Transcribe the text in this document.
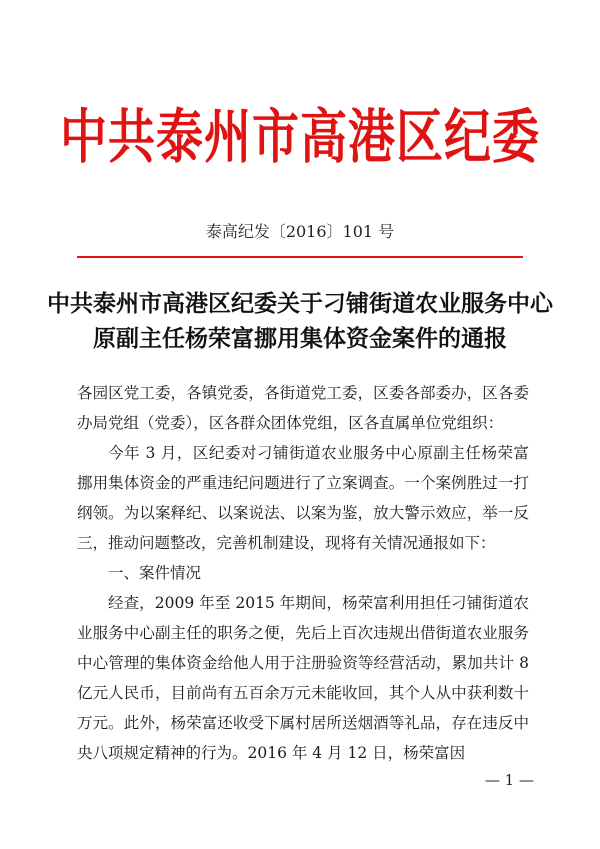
中共泰州市高港区纪委
泰高纪发〔2016〕101 号
中共泰州市高港区纪委关于刁铺街道农业服务中心
原副主任杨荣富挪用集体资金案件的通报
各园区党工委，各镇党委，各街道党工委，区委各部委办，区各委办局党组（党委），区各群众团体党组，区各直属单位党组织：
今年 3 月，区纪委对刁铺街道农业服务中心原副主任杨荣富挪用集体资金的严重违纪问题进行了立案调查。一个案例胜过一打纲领。为以案释纪、以案说法、以案为鉴，放大警示效应，举一反三，推动问题整改，完善机制建设，现将有关情况通报如下：
一、案件情况
经查，2009 年至 2015 年期间，杨荣富利用担任刁铺街道农业服务中心副主任的职务之便，先后上百次违规出借街道农业服务中心管理的集体资金给他人用于注册验资等经营活动，累加共计 8 亿元人民币，目前尚有五百余万元未能收回，其个人从中获利数十万元。此外，杨荣富还收受下属村居所送烟酒等礼品，存在违反中央八项规定精神的行为。2016 年 4 月 12 日，杨荣富因
— 1 —
